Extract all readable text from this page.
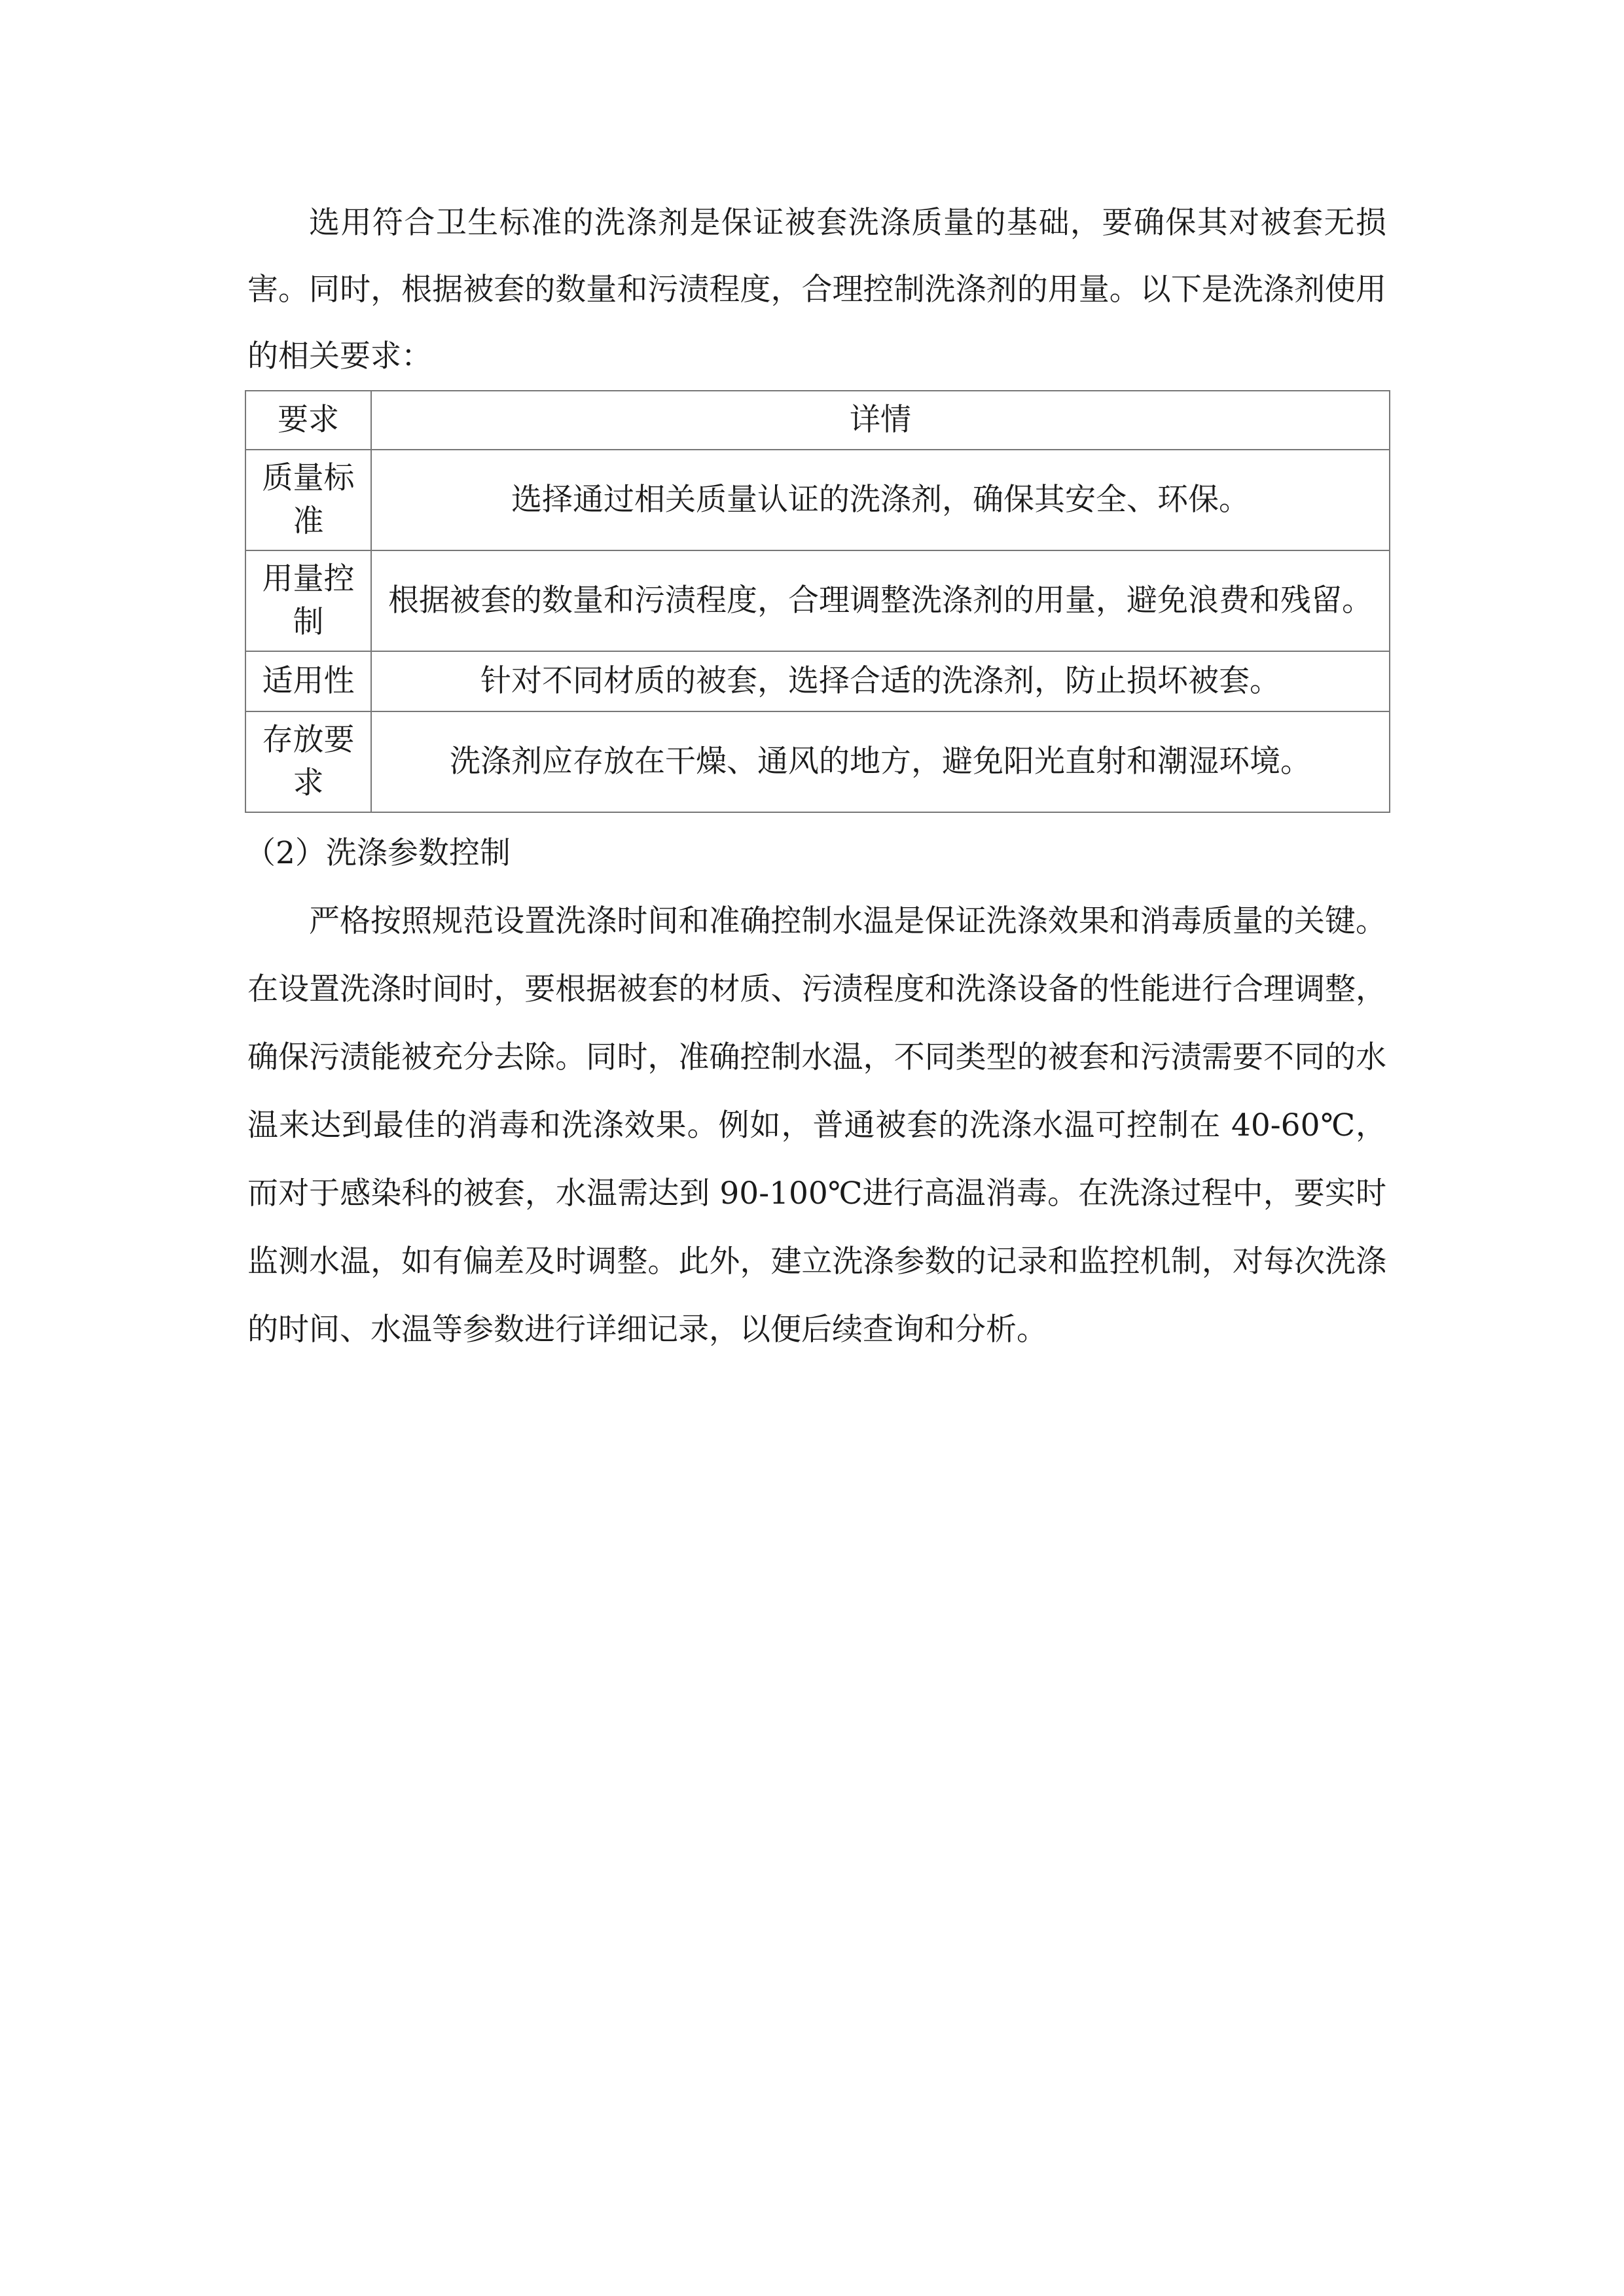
选用符合卫生标准的洗涤剂是保证被套洗涤质量的基础，要确保其对被套无损害。同时，根据被套的数量和污渍程度，合理控制洗涤剂的用量。以下是洗涤剂使用的相关要求：

要求	详情
质量标准	选择通过相关质量认证的洗涤剂，确保其安全、环保。
用量控制	根据被套的数量和污渍程度，合理调整洗涤剂的用量，避免浪费和残留。
适用性	针对不同材质的被套，选择合适的洗涤剂，防止损坏被套。
存放要求	洗涤剂应存放在干燥、通风的地方，避免阳光直射和潮湿环境。

（2）洗涤参数控制

严格按照规范设置洗涤时间和准确控制水温是保证洗涤效果和消毒质量的关键。在设置洗涤时间时，要根据被套的材质、污渍程度和洗涤设备的性能进行合理调整，确保污渍能被充分去除。同时，准确控制水温，不同类型的被套和污渍需要不同的水温来达到最佳的消毒和洗涤效果。例如，普通被套的洗涤水温可控制在 40-60℃，而对于感染科的被套，水温需达到 90-100℃进行高温消毒。在洗涤过程中，要实时监测水温，如有偏差及时调整。此外，建立洗涤参数的记录和监控机制，对每次洗涤的时间、水温等参数进行详细记录，以便后续查询和分析。
